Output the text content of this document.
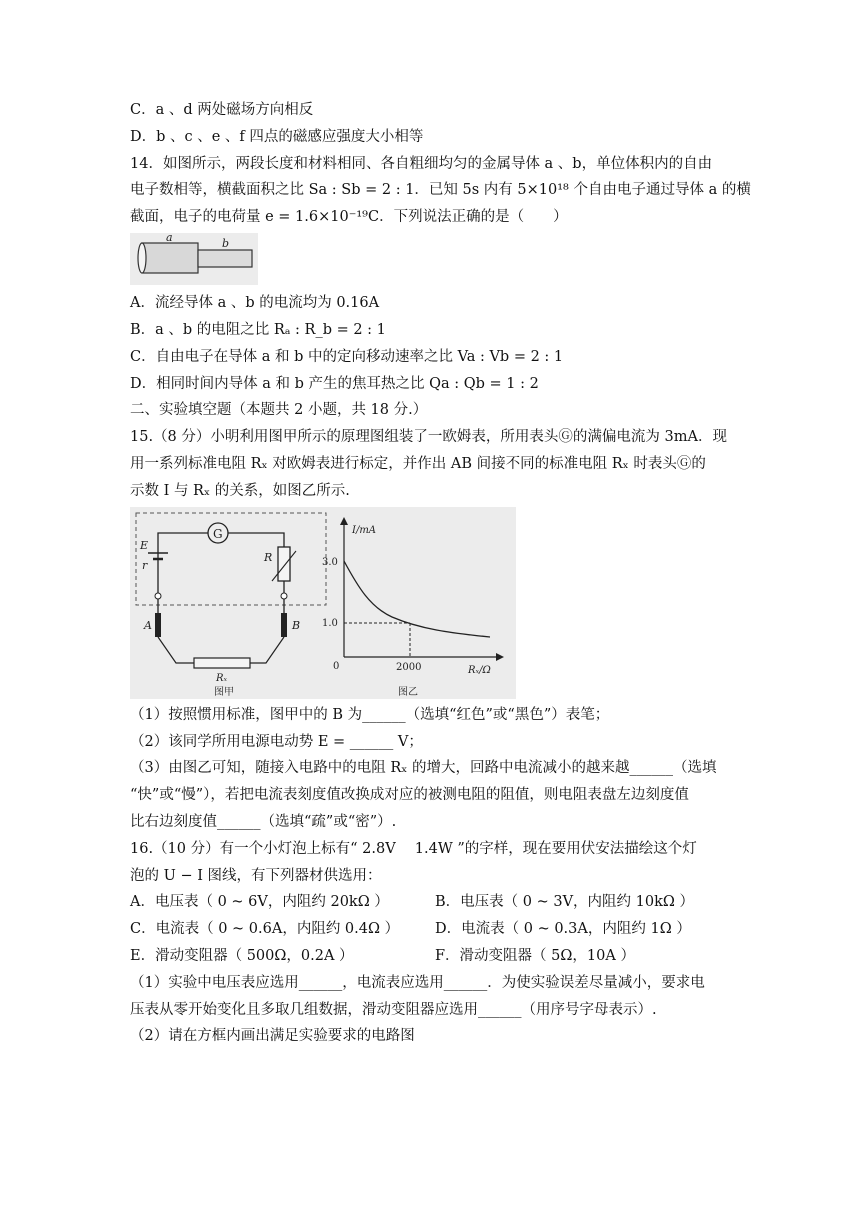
C．a 、d 两处磁场方向相反
D．b 、c 、e 、f 四点的磁感应强度大小相等
14．如图所示，两段长度和材料相同、各自粗细均匀的金属导体 a 、b，单位体积内的自由
电子数相等，横截面积之比 Sa : Sb = 2 : 1．已知 5s 内有 5×10¹⁸ 个自由电子通过导体 a 的横
截面，电子的电荷量 e = 1.6×10⁻¹⁹C．下列说法正确的是（　　）
a	b
A．流经导体 a 、b 的电流均为 0.16A
B．a 、b 的电阻之比 Rₐ : R_b = 2 : 1
C．自由电子在导体 a 和 b 中的定向移动速率之比 Va : Vb = 2 : 1
D．相同时间内导体 a 和 b 产生的焦耳热之比 Qa : Qb = 1 : 2
二、实验填空题（本题共 2 小题，共 18 分.）
15.（8 分）小明利用图甲所示的原理图组装了一欧姆表，所用表头Ⓖ的满偏电流为 3mA．现
用一系列标准电阻 Rₓ 对欧姆表进行标定，并作出 AB 间接不同的标准电阻 Rₓ 时表头Ⓖ的
示数 I 与 Rₓ 的关系，如图乙所示.
G
E
r
R
A	B
Rₓ
图甲
I/mA
Rₓ/Ω
3.0
1.0
0	2000
图乙
（1）按照惯用标准，图甲中的 B 为______（选填“红色”或“黑色”）表笔；
（2）该同学所用电源电动势 E = ______ V；
（3）由图乙可知，随接入电路中的电阻 Rₓ 的增大，回路中电流减小的越来越______（选填
“快”或“慢”），若把电流表刻度值改换成对应的被测电阻的阻值，则电阻表盘左边刻度值
比右边刻度值______（选填“疏”或“密”）.
16.（10 分）有一个小灯泡上标有“ 2.8V　 1.4W ”的字样，现在要用伏安法描绘这个灯
泡的 U − I 图线，有下列器材供选用：
A．电压表（ 0 ~ 6V，内阻约 20kΩ ）	B．电压表（ 0 ~ 3V，内阻约 10kΩ ）
C．电流表（ 0 ~ 0.6A，内阻约 0.4Ω ）	D．电流表（ 0 ~ 0.3A，内阻约 1Ω ）
E．滑动变阻器（ 500Ω，0.2A ）	F．滑动变阻器（ 5Ω，10A ）
（1）实验中电压表应选用______，电流表应选用______．为使实验误差尽量减小，要求电
压表从零开始变化且多取几组数据，滑动变阻器应选用______（用序号字母表示）.
（2）请在方框内画出满足实验要求的电路图
